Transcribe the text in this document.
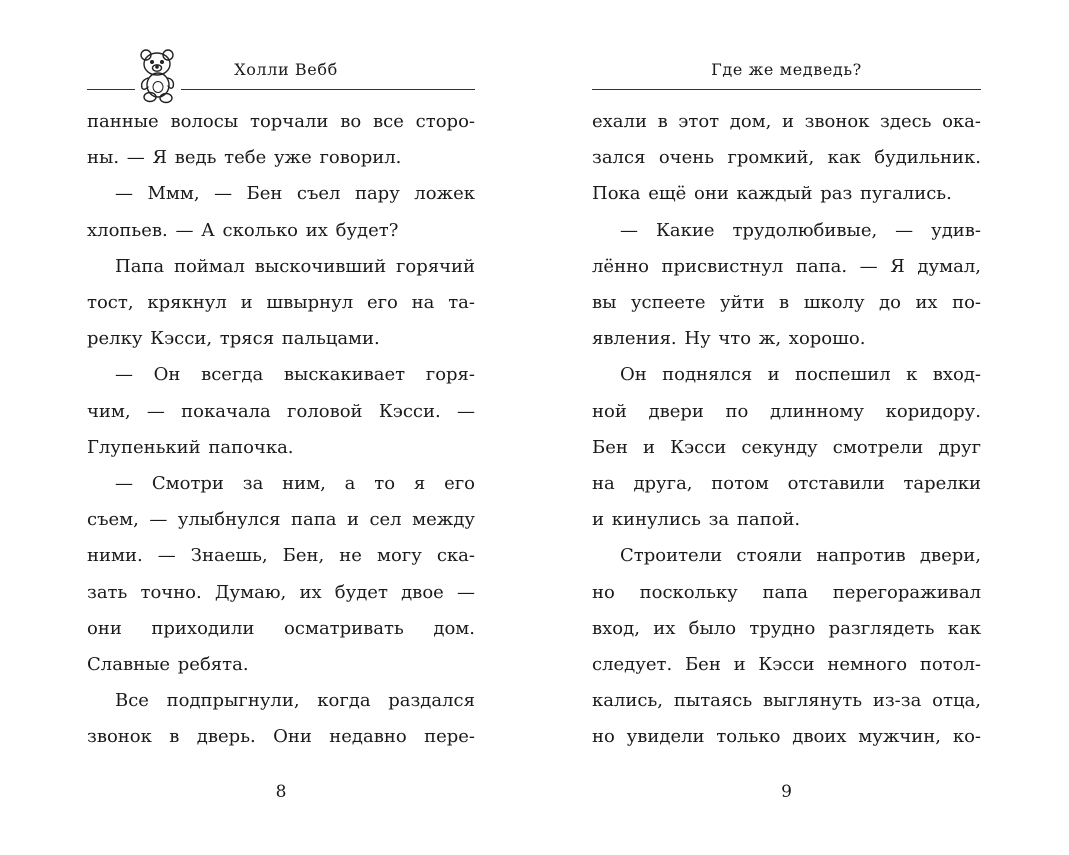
Холли Вебб

панные волосы торчали во все сторо-

ны. — Я ведь тебе уже говорил.

— Ммм, — Бен съел пару ложек

хлопьев. — А сколько их будет?

Папа поймал выскочивший горячий

тост, крякнул и швырнул его на та-

релку Кэсси, тряся пальцами.

— Он всегда выскакивает горя-

чим, — покачала головой Кэсси. —

Глупенький папочка.

— Смотри за ним, а то я его

съем, — улыбнулся папа и сел между

ними. — Знаешь, Бен, не могу ска-

зать точно. Думаю, их будет двое —

они приходили осматривать дом.

Славные ребята.

Все подпрыгнули, когда раздался

звонок в дверь. Они недавно пере-

8
Где же медведь?

ехали в этот дом, и звонок здесь ока-

зался очень громкий, как будильник.

Пока ещё они каждый раз пугались.

— Какие трудолюбивые, — удив-

лённо присвистнул папа. — Я думал,

вы успеете уйти в школу до их по-

явления. Ну что ж, хорошо.

Он поднялся и поспешил к вход-

ной двери по длинному коридору.

Бен и Кэсси секунду смотрели друг

на друга, потом отставили тарелки

и кинулись за папой.

Строители стояли напротив двери,

но поскольку папа перегораживал

вход, их было трудно разглядеть как

следует. Бен и Кэсси немного потол-

кались, пытаясь выглянуть из-за отца,

но увидели только двоих мужчин, ко-

9
